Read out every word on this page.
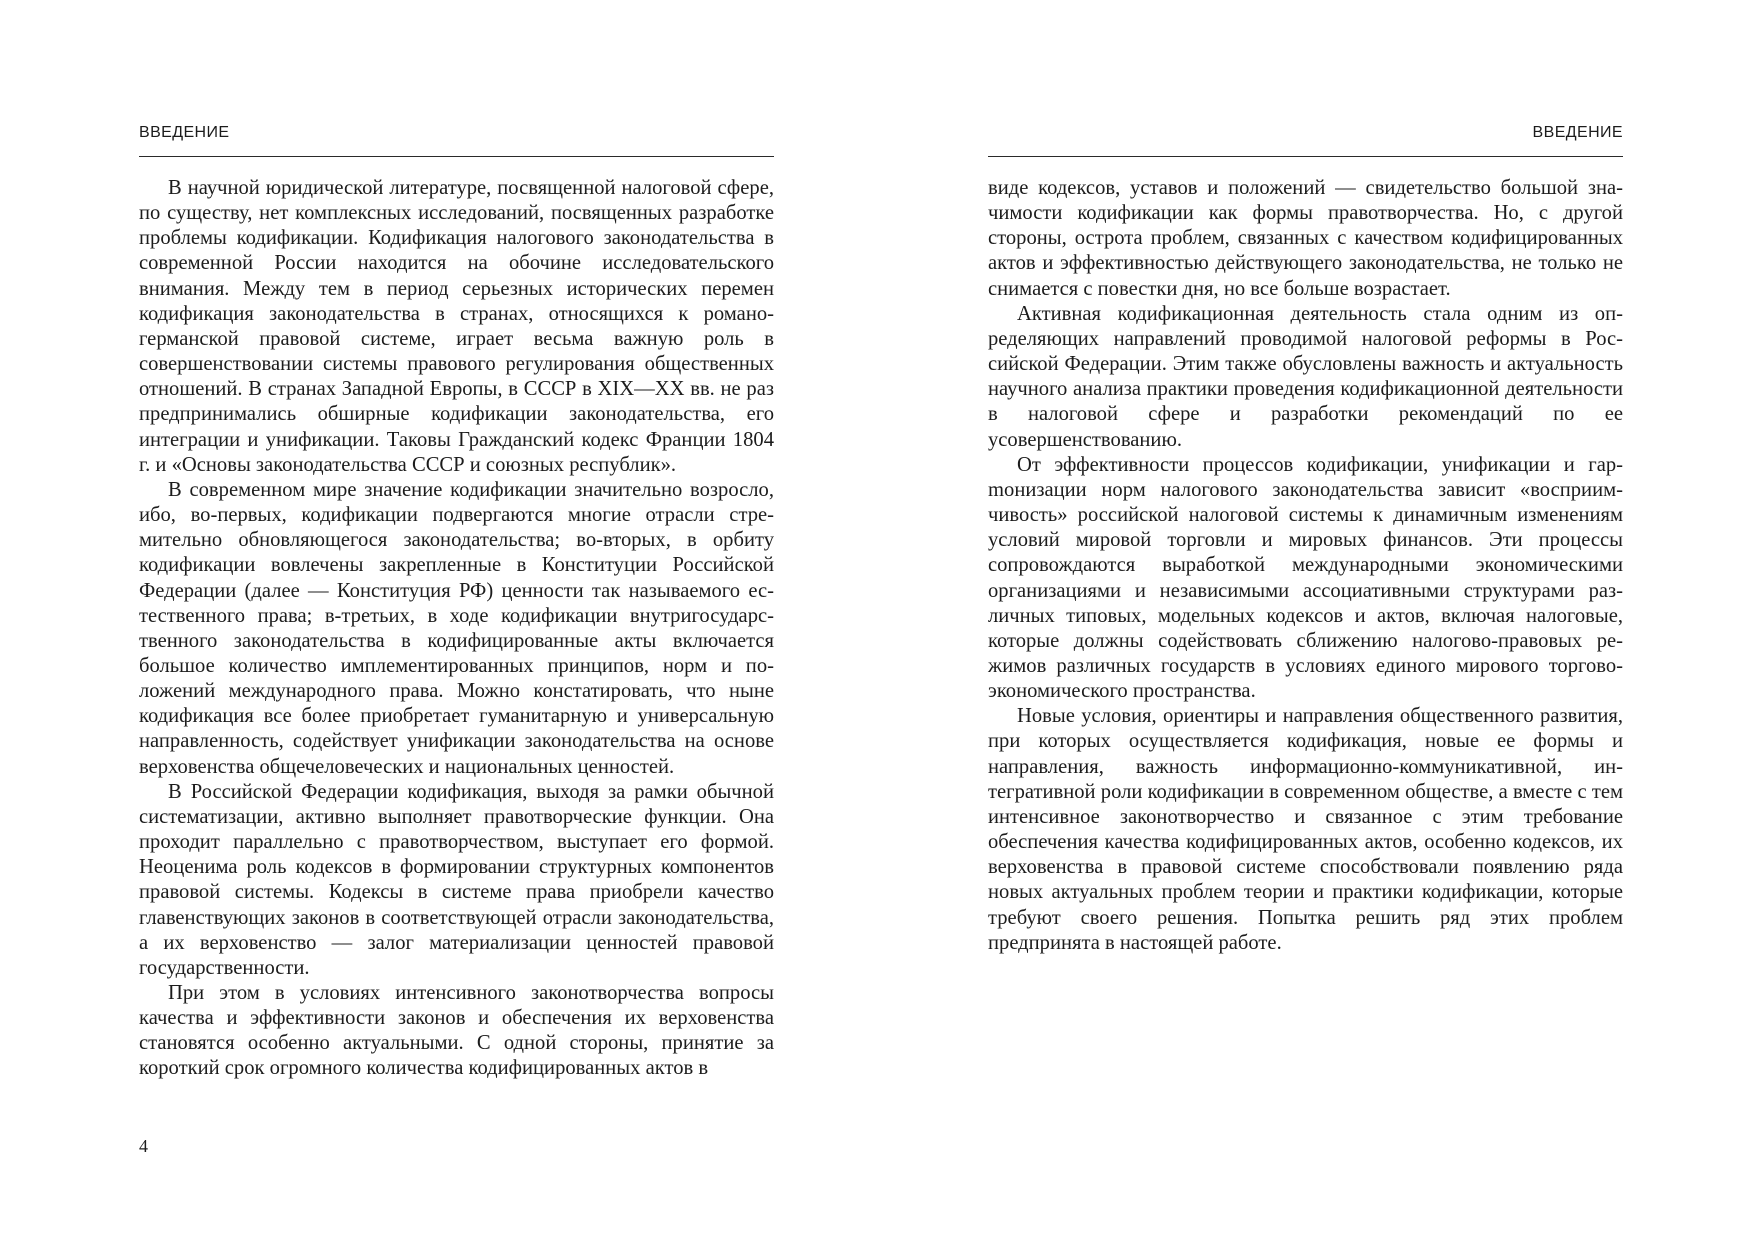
ВВЕДЕНИЕ

В научной юридической литературе, посвященной налоговой сфере, по существу, нет комплексных исследований, посвященных разработке проблемы кодификации. Кодификация налогового законодательства в современной России находится на обочине исследовательского внимания. Между тем в период серьезных исторических перемен кодификация законодательства в странах, относящихся к романо-германской правовой системе, играет весьма важную роль в совершенствовании системы правового регулирования общественных отношений. В странах Западной Европы, в СССР в XIX—XX вв. не раз предпринимались обширные кодификации законодательства, его интеграции и унификации. Таковы Гражданский кодекс Франции 1804 г. и «Основы законодательства СССР и союзных республик».

В современном мире значение кодификации значительно возросло, ибо, во-первых, кодификации подвергаются многие отрасли стремительно обновляющегося законодательства; во-вторых, в орбиту кодификации вовлечены закрепленные в Конституции Российской Федерации (далее — Конституция РФ) ценности так называемого естественного права; в-третьих, в ходе кодификации внутригосударственного законодательства в кодифицированные акты включается большое количество имплементированных принципов, норм и положений международного права. Можно констатировать, что ныне кодификация все более приобретает гуманитарную и универсальную направленность, содействует унификации законодательства на основе верховенства общечеловеческих и национальных ценностей.

В Российской Федерации кодификация, выходя за рамки обычной систематизации, активно выполняет правотворческие функции. Она проходит параллельно с правотворчеством, выступает его формой. Неоценима роль кодексов в формировании структурных компонентов правовой системы. Кодексы в системе права приобрели качество главенствующих законов в соответствующей отрасли законодательства, а их верховенство — залог материализации ценностей правовой государственности.

При этом в условиях интенсивного законотворчества вопросы качества и эффективности законов и обеспечения их верховенства становятся особенно актуальными. С одной стороны, принятие за короткий срок огромного количества кодифицированных актов в

4
ВВЕДЕНИЕ

виде кодексов, уставов и положений — свидетельство большой значимости кодификации как формы правотворчества. Но, с другой стороны, острота проблем, связанных с качеством кодифицированных актов и эффективностью действующего законодательства, не только не снимается с повестки дня, но все больше возрастает.

Активная кодификационная деятельность стала одним из определяющих направлений проводимой налоговой реформы в Российской Федерации. Этим также обусловлены важность и актуальность научного анализа практики проведения кодификационной деятельности в налоговой сфере и разработки рекомендаций по ее усовершенствованию.

От эффективности процессов кодификации, унификации и гарmонизации норм налогового законодательства зависит «восприимчивость» российской налоговой системы к динамичным изменениям условий мировой торговли и мировых финансов. Эти процессы сопровождаются выработкой международными экономическими организациями и независимыми ассоциативными структурами различных типовых, модельных кодексов и актов, включая налоговые, которые должны содействовать сближению налогово-правовых режимов различных государств в условиях единого мирового торгово-экономического пространства.

Новые условия, ориентиры и направления общественного развития, при которых осуществляется кодификация, новые ее формы и направления, важность информационно-коммуникативной, интегративной роли кодификации в современном обществе, а вместе с тем интенсивное законотворчество и связанное с этим требование обеспечения качества кодифицированных актов, особенно кодексов, их верховенства в правовой системе способствовали появлению ряда новых актуальных проблем теории и практики кодификации, которые требуют своего решения. Попытка решить ряд этих проблем предпринята в настоящей работе.
